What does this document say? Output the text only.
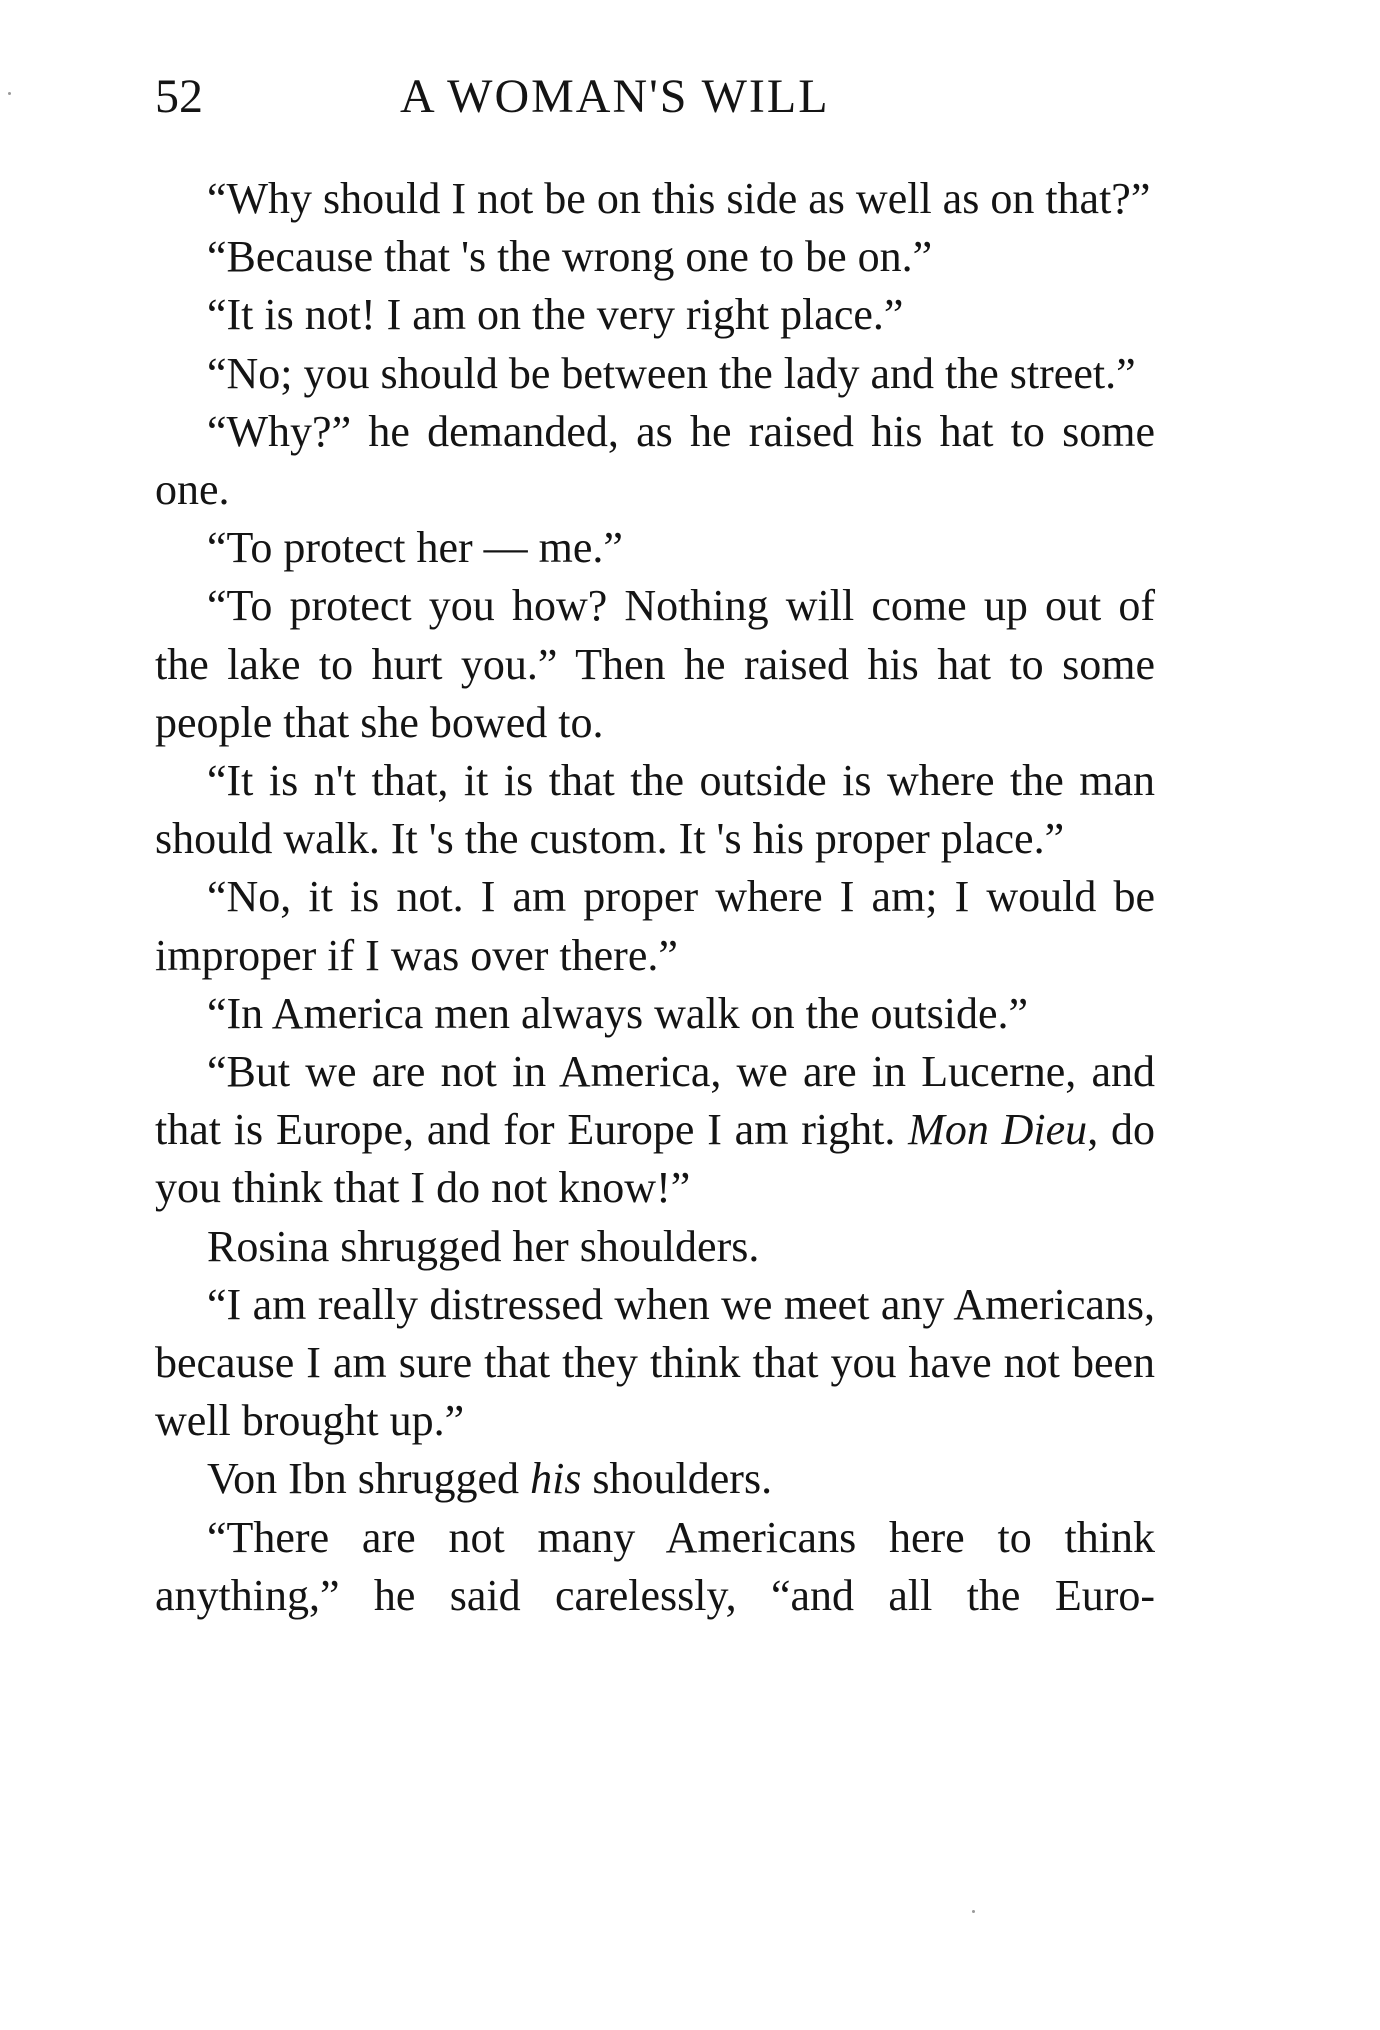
52	A WOMAN'S WILL

“Why should I not be on this side as well as on that?”

“Because that 's the wrong one to be on.”

“It is not! I am on the very right place.”

“No; you should be between the lady and the street.”

“Why?” he demanded, as he raised his hat to some one.

“To protect her — me.”

“To protect you how? Nothing will come up out of the lake to hurt you.” Then he raised his hat to some people that she bowed to.

“It is n't that, it is that the outside is where the man should walk. It 's the custom. It 's his proper place.”

“No, it is not. I am proper where I am; I would be improper if I was over there.”

“In America men always walk on the outside.”

“But we are not in America, we are in Lucerne, and that is Europe, and for Europe I am right. Mon Dieu, do you think that I do not know!”

Rosina shrugged her shoulders.

“I am really distressed when we meet any Americans, because I am sure that they think that you have not been well brought up.”

Von Ibn shrugged his shoulders.

“There are not many Americans here to think anything,” he said carelessly, “and all the Euro-
